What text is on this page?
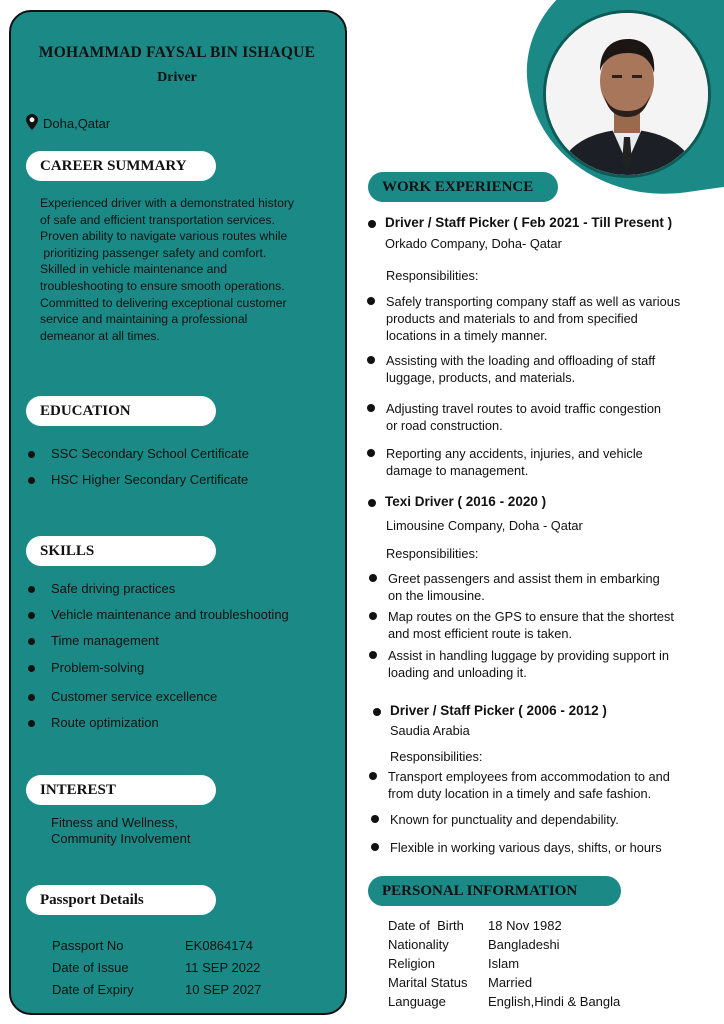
MOHAMMAD FAYSAL BIN ISHAQUE
Driver
Doha,Qatar
CAREER SUMMARY

Experienced driver with a demonstrated history

of safe and efficient transportation services.

Proven ability to navigate various routes while

prioritizing passenger safety and comfort.

Skilled in vehicle maintenance and

troubleshooting to ensure smooth operations.

Committed to delivering exceptional customer

service and maintaining a professional

demeanor at all times.

EDUCATION
SSC Secondary School Certificate
HSC Higher Secondary Certificate
SKILLS
Safe driving practices
Vehicle maintenance and troubleshooting
Time management
Problem-solving
Customer service excellence
Route optimization
INTEREST
Fitness and Wellness,
Community Involvement
Passport Details
Passport No	EK0864174
Date of Issue	11 SEP 2022
Date of Expiry	10 SEP 2027
WORK EXPERIENCE
Driver / Staff Picker ( Feb 2021 - Till Present )
Orkado Company, Doha- Qatar
Responsibilities:
Safely transporting company staff as well as various
products and materials to and from specified
locations in a timely manner.
Assisting with the loading and offloading of staff
luggage, products, and materials.
Adjusting travel routes to avoid traffic congestion
or road construction.
Reporting any accidents, injuries, and vehicle
damage to management.
Texi Driver ( 2016 - 2020 )
Limousine Company, Doha - Qatar
Responsibilities:
Greet passengers and assist them in embarking
on the limousine.
Map routes on the GPS to ensure that the shortest
and most efficient route is taken.
Assist in handling luggage by providing support in
loading and unloading it.
Driver / Staff Picker ( 2006 - 2012 )
Saudia Arabia
Responsibilities:
Transport employees from accommodation to and
from duty location in a timely and safe fashion.
Known for punctuality and dependability.
Flexible in working various days, shifts, or hours
PERSONAL INFORMATION
Date of  Birth	18 Nov 1982
Nationality	Bangladeshi
Religion	Islam
Marital Status	Married
Language	English,Hindi & Bangla
